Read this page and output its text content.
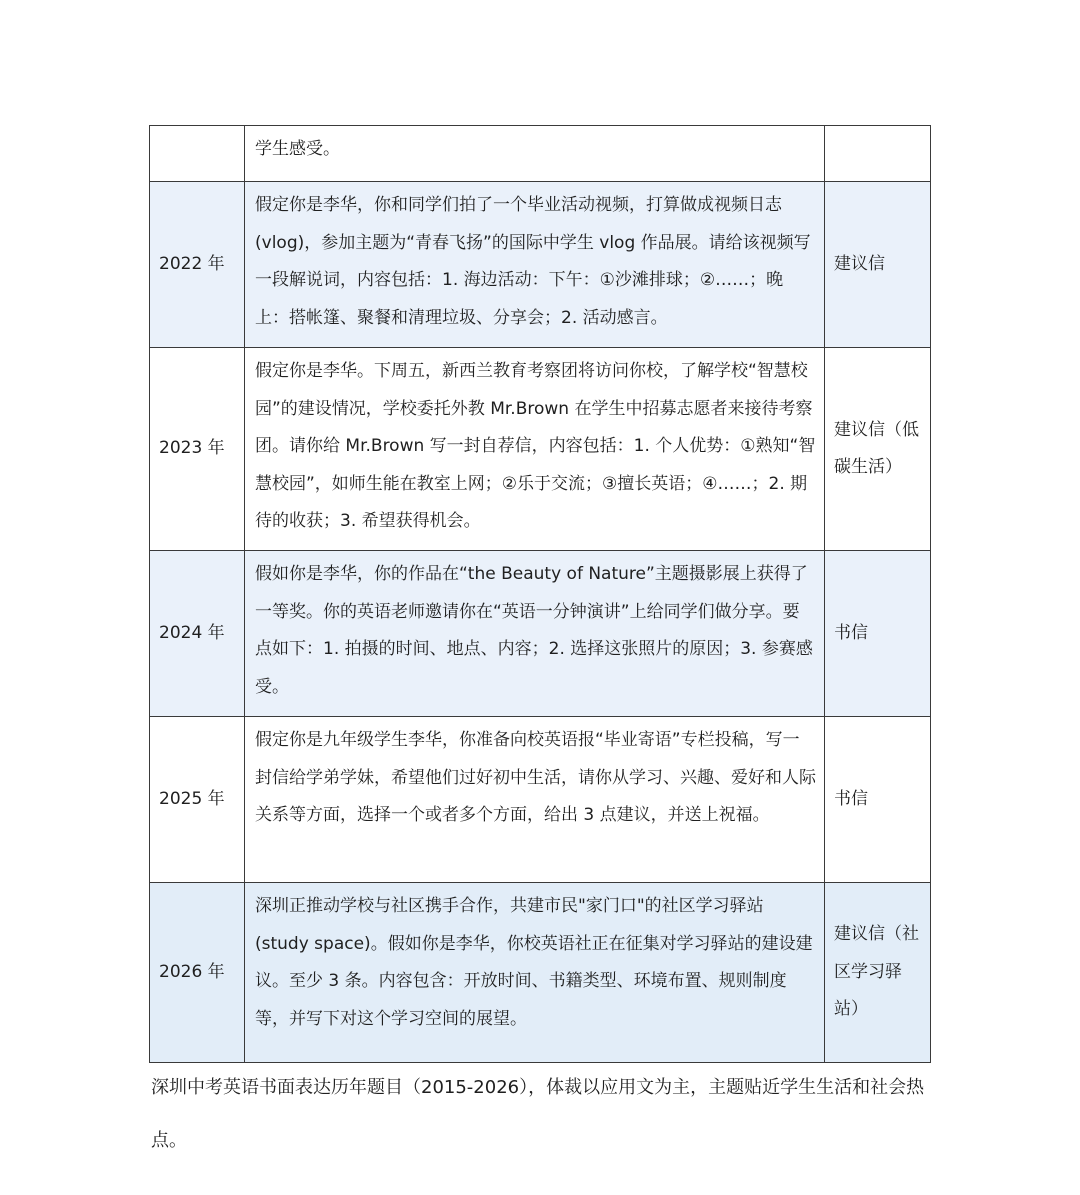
	学生感受。	
2022 年	假定你是李华，你和同学们拍了一个毕业活动视频，打算做成视频日志(vlog)，参加主题为“青春飞扬”的国际中学生 vlog 作品展。请给该视频写一段解说词，内容包括：1. 海边活动：下午：①沙滩排球；②……；晚上：搭帐篷、聚餐和清理垃圾、分享会；2. 活动感言。	建议信
2023 年	假定你是李华。下周五，新西兰教育考察团将访问你校，了解学校“智慧校园”的建设情况，学校委托外教 Mr.Brown 在学生中招募志愿者来接待考察团。请你给 Mr.Brown 写一封自荐信，内容包括：1. 个人优势：①熟知“智慧校园”，如师生能在教室上网；②乐于交流；③擅长英语；④……；2. 期待的收获；3. 希望获得机会。	建议信（低碳生活）
2024 年	假如你是李华，你的作品在“the Beauty of Nature”主题摄影展上获得了一等奖。你的英语老师邀请你在“英语一分钟演讲”上给同学们做分享。要点如下：1. 拍摄的时间、地点、内容；2. 选择这张照片的原因；3. 参赛感受。	书信
2025 年	假定你是九年级学生李华，你准备向校英语报“毕业寄语”专栏投稿，写一封信给学弟学妹，希望他们过好初中生活，请你从学习、兴趣、爱好和人际关系等方面，选择一个或者多个方面，给出 3 点建议，并送上祝福。	书信
2026 年	深圳正推动学校与社区携手合作，共建市民"家门口"的社区学习驿站(study space)。假如你是李华，你校英语社正在征集对学习驿站的建设建议。至少 3 条。内容包含：开放时间、书籍类型、环境布置、规则制度等，并写下对这个学习空间的展望。	建议信（社区学习驿站）
深圳中考英语书面表达历年题目（2015-2026），体裁以应用文为主，主题贴近学生生活和社会热点。
